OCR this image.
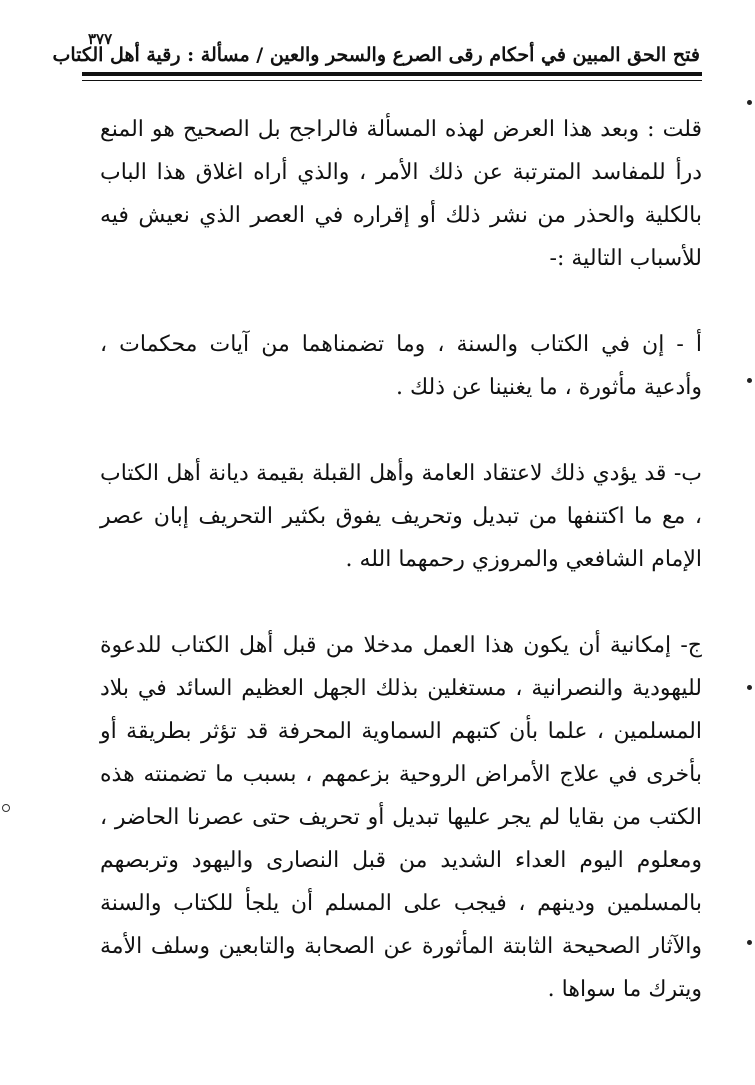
٣٧٧
فتح الحق المبين في أحكام رقى الصرع والسحر والعين / مسألة : رقية أهل الكتاب

قلت : وبعد هذا العرض لهذه المسألة فالراجح بل الصحيح هو المنع درأ للمفاسد المترتبة عن ذلك الأمر ، والذي أراه اغلاق هذا الباب بالكلية والحذر من نشر ذلك أو إقراره في العصر الذي نعيش فيه للأسباب التالية :-

أ - إن في الكتاب والسنة ، وما تضمناهما من آيات محكمات ، وأدعية مأثورة ، ما يغنينا عن ذلك .

ب- قد يؤدي ذلك لاعتقاد العامة وأهل القبلة بقيمة ديانة أهل الكتاب ، مع ما اكتنفها من تبديل وتحريف يفوق بكثير التحريف إبان عصر الإمام الشافعي والمروزي رحمهما الله .

ج- إمكانية أن يكون هذا العمل مدخلا من قبل أهل الكتاب للدعوة لليهودية والنصرانية ، مستغلين بذلك الجهل العظيم السائد في بلاد المسلمين ، علما بأن كتبهم السماوية المحرفة قد تؤثر بطريقة أو بأخرى في علاج الأمراض الروحية بزعمهم ، بسبب ما تضمنته هذه الكتب من بقايا لم يجر عليها تبديل أو تحريف حتى عصرنا الحاضر ، ومعلوم اليوم العداء الشديد من قبل النصارى واليهود وتربصهم بالمسلمين ودينهم ، فيجب على المسلم أن يلجأ للكتاب والسنة والآثار الصحيحة الثابتة المأثورة عن الصحابة والتابعين وسلف الأمة ويترك ما سواها .
